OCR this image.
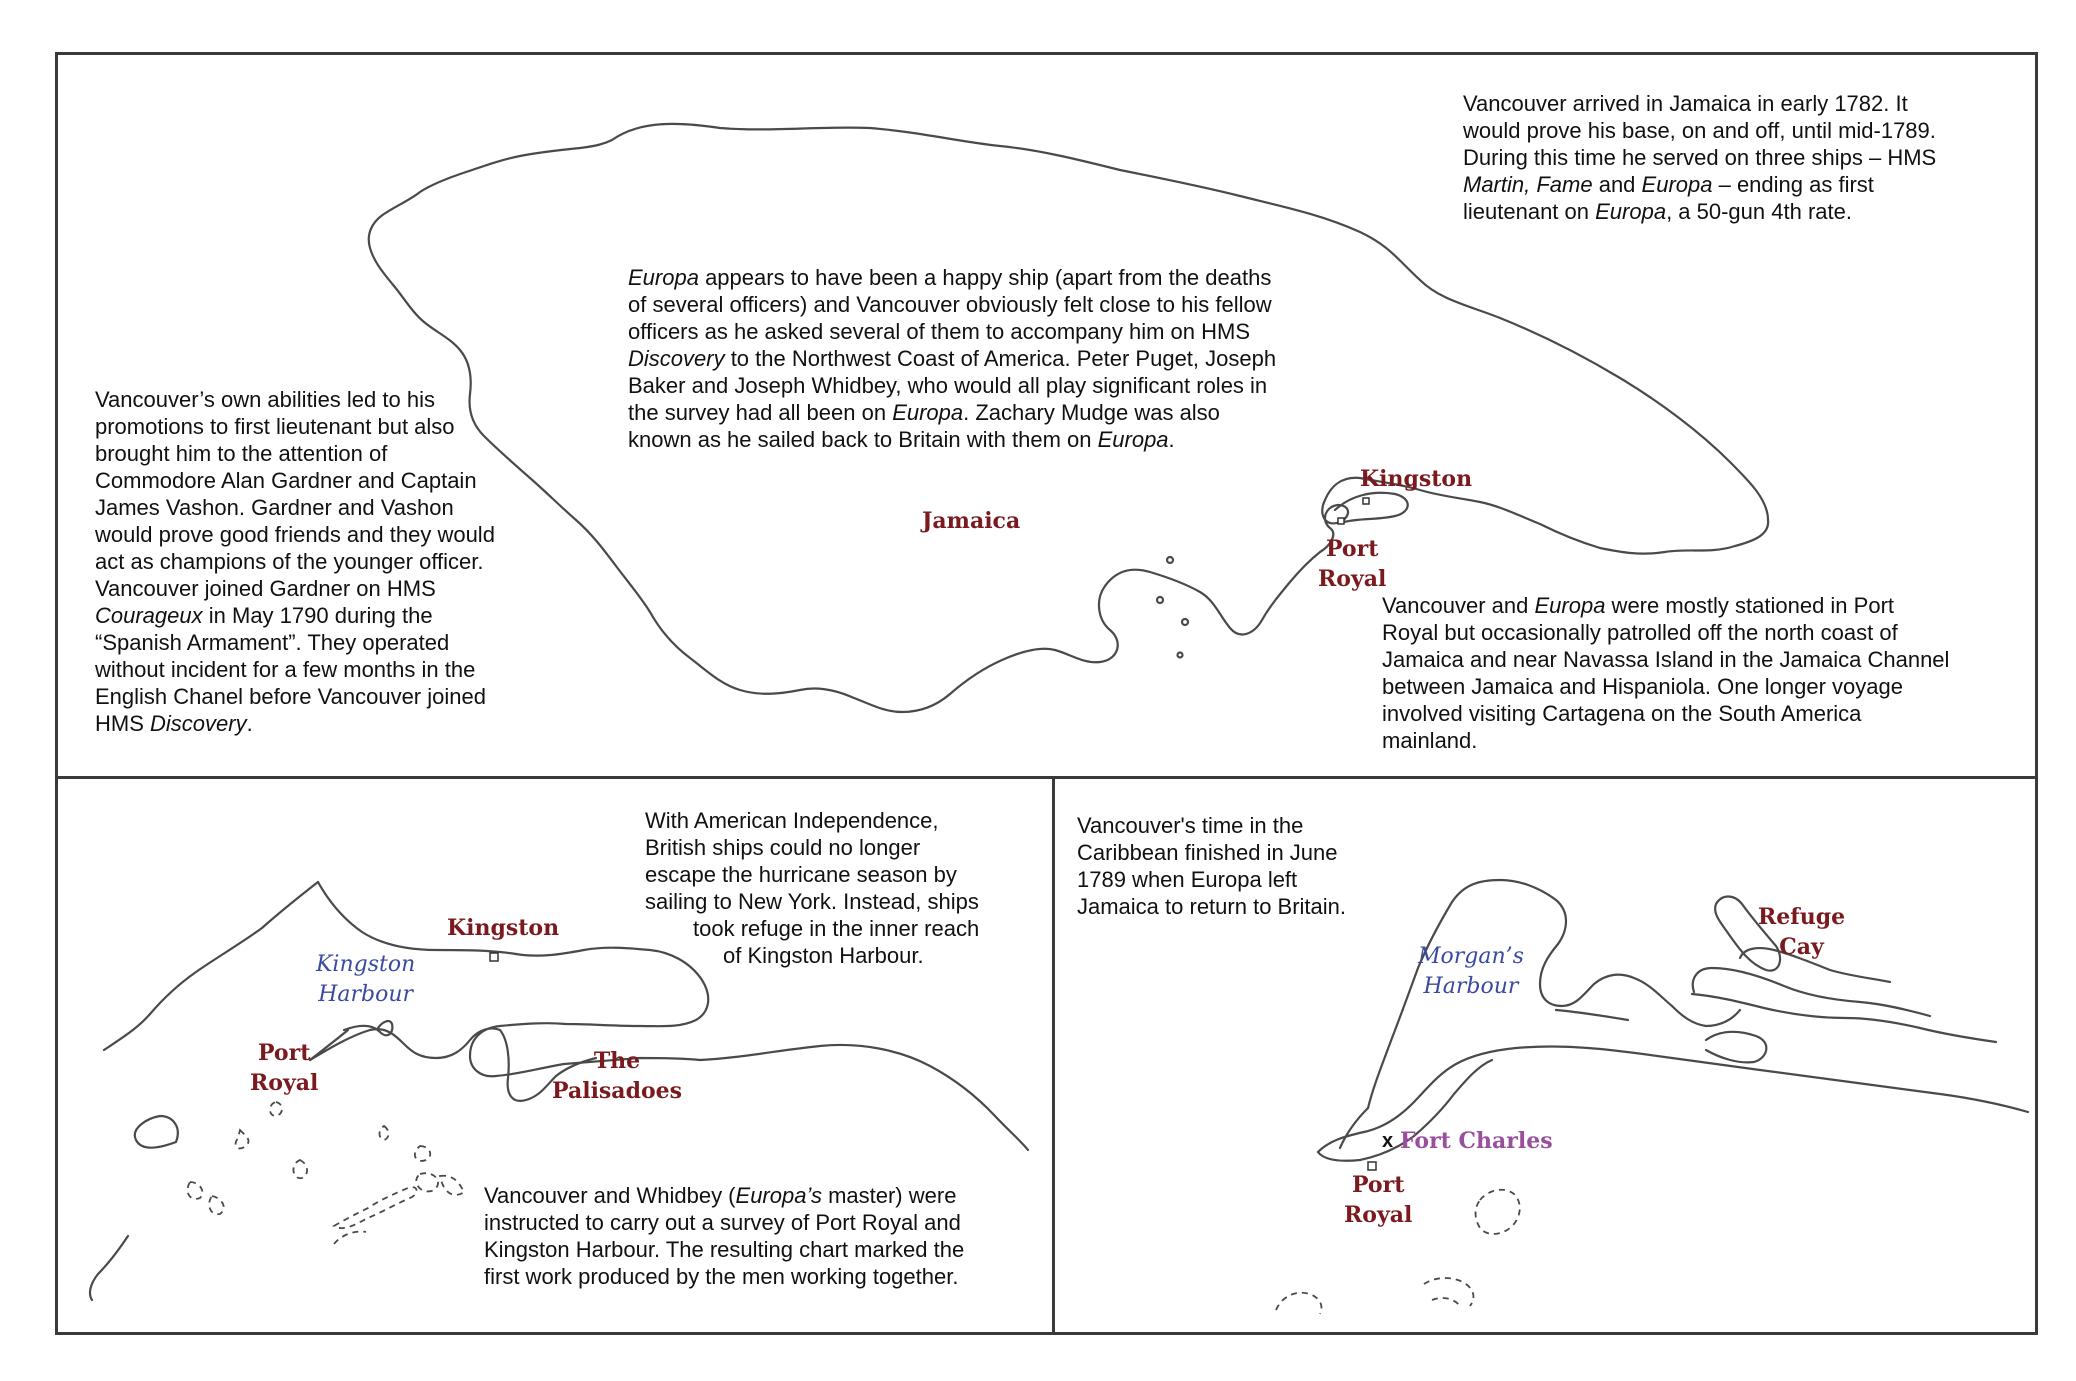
Vancouver arrived in Jamaica in early 1782. It

would prove his base, on and off, until mid-1789.

During this time he served on three ships – HMS

Martin, Fame and Europa – ending as first

lieutenant on Europa, a 50-gun 4th rate.

Europa appears to have been a happy ship (apart from the deaths

of several officers) and Vancouver obviously felt close to his fellow

officers as he asked several of them to accompany him on HMS

Discovery to the Northwest Coast of America. Peter Puget, Joseph

Baker and Joseph Whidbey, who would all play significant roles in

the survey had all been on Europa. Zachary Mudge was also

known as he sailed back to Britain with them on Europa.

Vancouver’s own abilities led to his

promotions to first lieutenant but also

brought him to the attention of

Commodore Alan Gardner and Captain

James Vashon. Gardner and Vashon

would prove good friends and they would

act as champions of the younger officer.

Vancouver joined Gardner on HMS

Courageux in May 1790 during the

“Spanish Armament”. They operated

without incident for a few months in the

English Chanel before Vancouver joined

HMS Discovery.

Vancouver and Europa were mostly stationed in Port

Royal but occasionally patrolled off the north coast of

Jamaica and near Navassa Island in the Jamaica Channel

between Jamaica and Hispaniola. One longer voyage

involved visiting Cartagena on the South America

mainland.

Jamaica
Kingston
Port
Royal

With American Independence,

British ships could no longer

escape the hurricane season by

sailing to New York. Instead, ships

took refuge in the inner reach

of Kingston Harbour.

Vancouver and Whidbey (Europa’s master) were

instructed to carry out a survey of Port Royal and

Kingston Harbour. The resulting chart marked the

first work produced by the men working together.

Kingston
Kingston
Harbour
Port
Royal
The
Palisadoes

Vancouver's time in the

Caribbean finished in June

1789 when Europa left

Jamaica to return to Britain.	Refuge
Cay
Morgan’s
Harbour
x Fort Charles
Port
Royal
